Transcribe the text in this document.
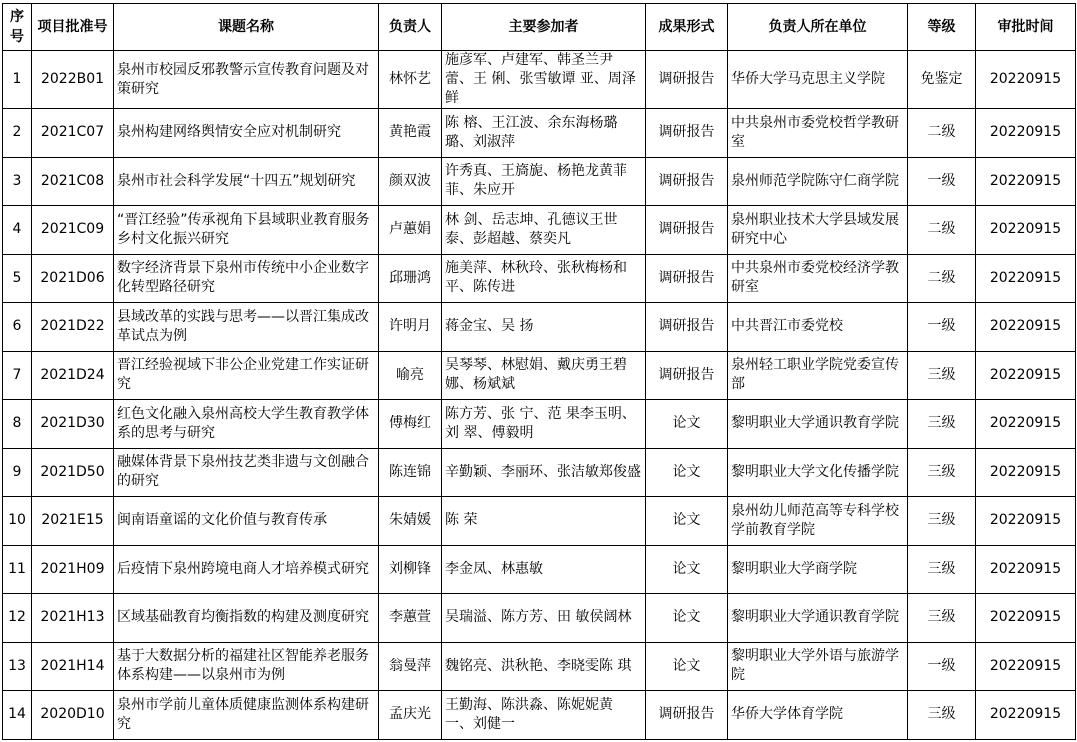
序号	项目批准号	课题名称	负责人	主要参加者	成果形式	负责人所在单位	等级	审批时间
1	2022B01	泉州市校园反邪教警示宣传教育问题及对策研究	林怀艺	施彦军、卢建军、韩圣兰尹 蕾、王 俐、张雪敏谭 亚、周泽鲜	调研报告	华侨大学马克思主义学院	免鉴定	20220915
2	2021C07	泉州构建网络舆情安全应对机制研究	黄艳霞	陈 榕、王江波、余东海杨璐璐、刘淑萍	调研报告	中共泉州市委党校哲学教研室	二级	20220915
3	2021C08	泉州市社会科学发展“十四五”规划研究	颜双波	许秀真、王旖旎、杨艳龙黄菲菲、朱应开	调研报告	泉州师范学院陈守仁商学院	一级	20220915
4	2021C09	“晋江经验”传承视角下县域职业教育服务乡村文化振兴研究	卢蕙娟	林 剑、岳志坤、孔德议王世泰、彭超越、蔡奕凡	调研报告	泉州职业技术大学县域发展研究中心	二级	20220915
5	2021D06	数字经济背景下泉州市传统中小企业数字化转型路径研究	邱珊鸿	施美萍、林秋玲、张秋梅杨和平、陈传进	调研报告	中共泉州市委党校经济学教研室	二级	20220915
6	2021D22	县域改革的实践与思考——以晋江集成改革试点为例	许明月	蒋金宝、吴 扬	调研报告	中共晋江市委党校	一级	20220915
7	2021D24	晋江经验视域下非公企业党建工作实证研究	喻亮	吴琴琴、林慰娟、戴庆勇王碧娜、杨斌斌	调研报告	泉州轻工职业学院党委宣传部	三级	20220915
8	2021D30	红色文化融入泉州高校大学生教育教学体系的思考与研究	傅梅红	陈方芳、张 宁、范 果李玉明、刘 翠、傅毅明	论文	黎明职业大学通识教育学院	三级	20220915
9	2021D50	融媒体背景下泉州技艺类非遗与文创融合的研究	陈连锦	辛勤颖、李丽环、张洁敏郑俊盛	论文	黎明职业大学文化传播学院	三级	20220915
10	2021E15	闽南语童谣的文化价值与教育传承	朱婧媛	陈 荣	论文	泉州幼儿师范高等专科学校学前教育学院	三级	20220915
11	2021H09	后疫情下泉州跨境电商人才培养模式研究	刘柳锋	李金凤、林惠敏	论文	黎明职业大学商学院	三级	20220915
12	2021H13	区域基础教育均衡指数的构建及测度研究	李蕙萱	吴瑞溢、陈方芳、田 敏侯阔林	论文	黎明职业大学通识教育学院	三级	20220915
13	2021H14	基于大数据分析的福建社区智能养老服务体系构建——以泉州市为例	翁曼萍	魏铭亮、洪秋艳、李晓雯陈 琪	论文	黎明职业大学外语与旅游学院	一级	20220915
14	2020D10	泉州市学前儿童体质健康监测体系构建研究	孟庆光	王勤海、陈洪淼、陈妮妮黄 一、刘健一	调研报告	华侨大学体育学院	三级	20220915
